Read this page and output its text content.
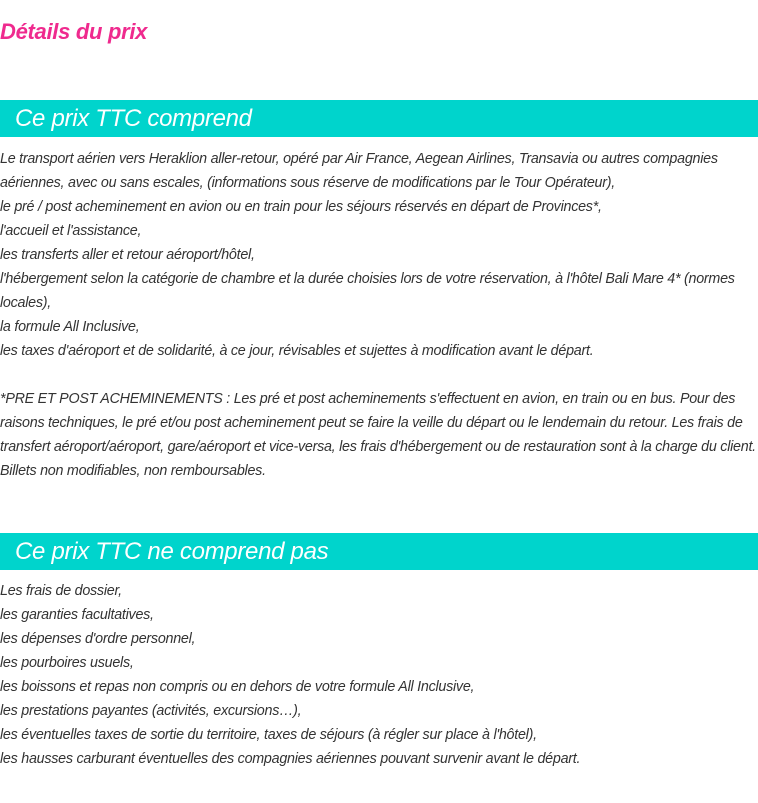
Détails du prix
Ce prix TTC comprend
Le transport aérien vers Heraklion aller-retour, opéré par Air France, Aegean Airlines, Transavia ou autres compagnies aériennes, avec ou sans escales, (informations sous réserve de modifications par le Tour Opérateur),
le pré / post acheminement en avion ou en train pour les séjours réservés en départ de Provinces*,
l'accueil et l'assistance,
les transferts aller et retour aéroport/hôtel,
l'hébergement selon la catégorie de chambre et la durée choisies lors de votre réservation, à l'hôtel Bali Mare 4* (normes locales),
la formule All Inclusive,
les taxes d'aéroport et de solidarité, à ce jour, révisables et sujettes à modification avant le départ.
*PRE ET POST ACHEMINEMENTS : Les pré et post acheminements s'effectuent en avion, en train ou en bus. Pour des raisons techniques, le pré et/ou post acheminement peut se faire la veille du départ ou le lendemain du retour. Les frais de transfert aéroport/aéroport, gare/aéroport et vice-versa, les frais d'hébergement ou de restauration sont à la charge du client. Billets non modifiables, non remboursables.
Ce prix TTC ne comprend pas
Les frais de dossier,
les garanties facultatives,
les dépenses d'ordre personnel,
les pourboires usuels,
les boissons et repas non compris ou en dehors de votre formule All Inclusive,
les prestations payantes (activités, excursions…),
les éventuelles taxes de sortie du territoire, taxes de séjours (à régler sur place à l'hôtel),
les hausses carburant éventuelles des compagnies aériennes pouvant survenir avant le départ.
